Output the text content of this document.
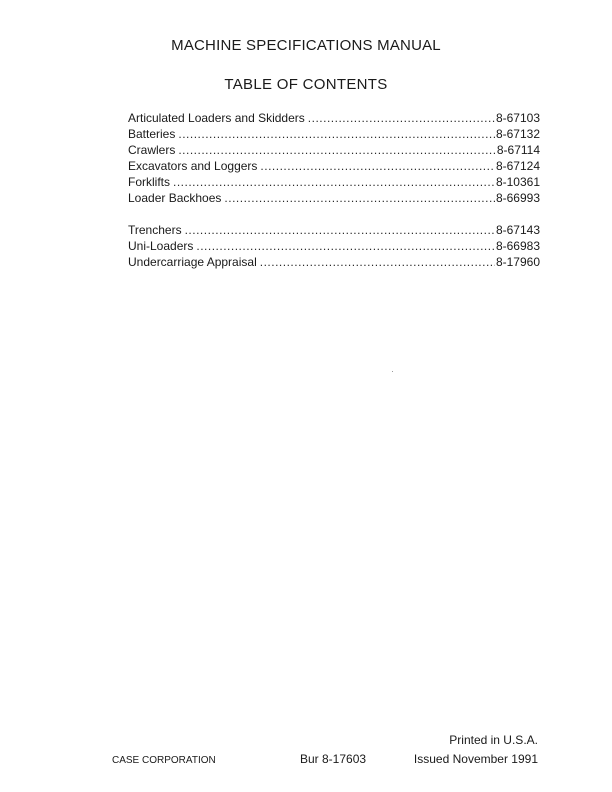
MACHINE SPECIFICATIONS MANUAL
TABLE OF CONTENTS
Articulated Loaders and Skidders .....	8-67103
Batteries .....	8-67132
Crawlers .....	8-67114
Excavators and Loggers .....	8-67124
Forklifts .....	8-10361
Loader Backhoes .....	8-66993
Trenchers .....	8-67143
Uni-Loaders .....	8-66983
Undercarriage Appraisal .....	8-17960
Printed in U.S.A.
CASE CORPORATION	Bur 8-17603	Issued November 1991
